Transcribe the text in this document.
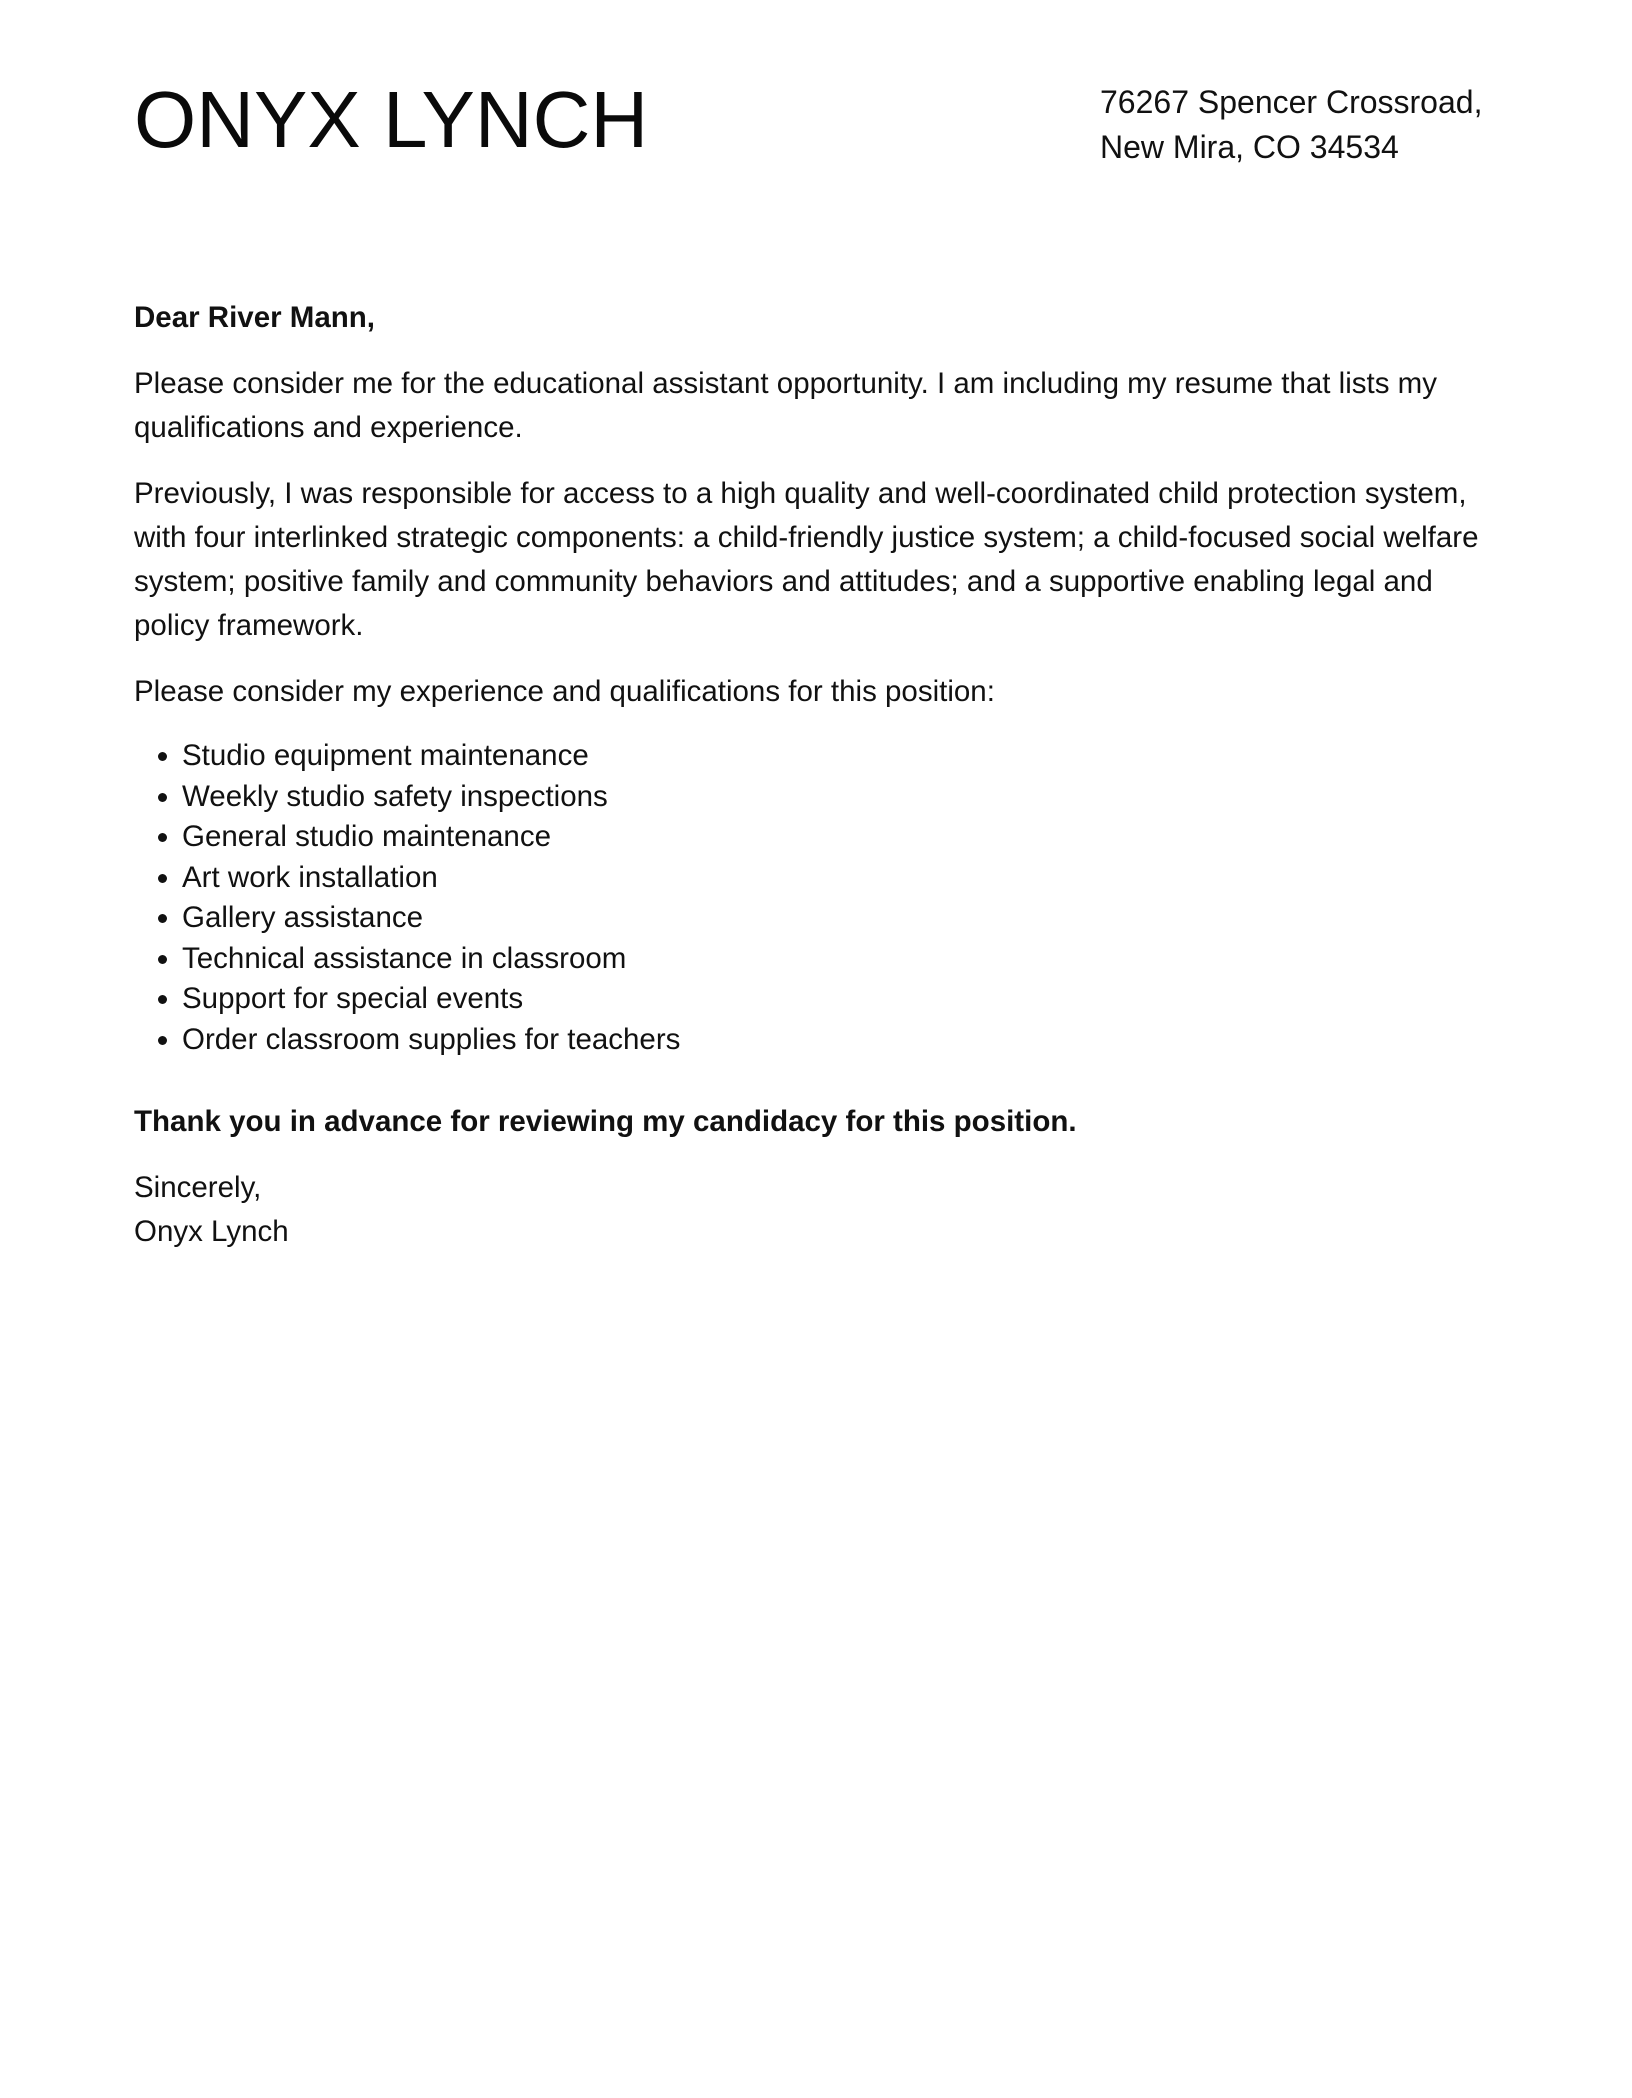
ONYX LYNCH	76267 Spencer Crossroad,
New Mira, CO 34534

Dear River Mann,

Please consider me for the educational assistant opportunity. I am including my resume that lists my qualifications and experience.

Previously, I was responsible for access to a high quality and well-coordinated child protection system, with four interlinked strategic components: a child-friendly justice system; a child-focused social welfare system; positive family and community behaviors and attitudes; and a supportive enabling legal and policy framework.

Please consider my experience and qualifications for this position:

Studio equipment maintenance
Weekly studio safety inspections
General studio maintenance
Art work installation
Gallery assistance
Technical assistance in classroom
Support for special events
Order classroom supplies for teachers

Thank you in advance for reviewing my candidacy for this position.

Sincerely,

Onyx Lynch
